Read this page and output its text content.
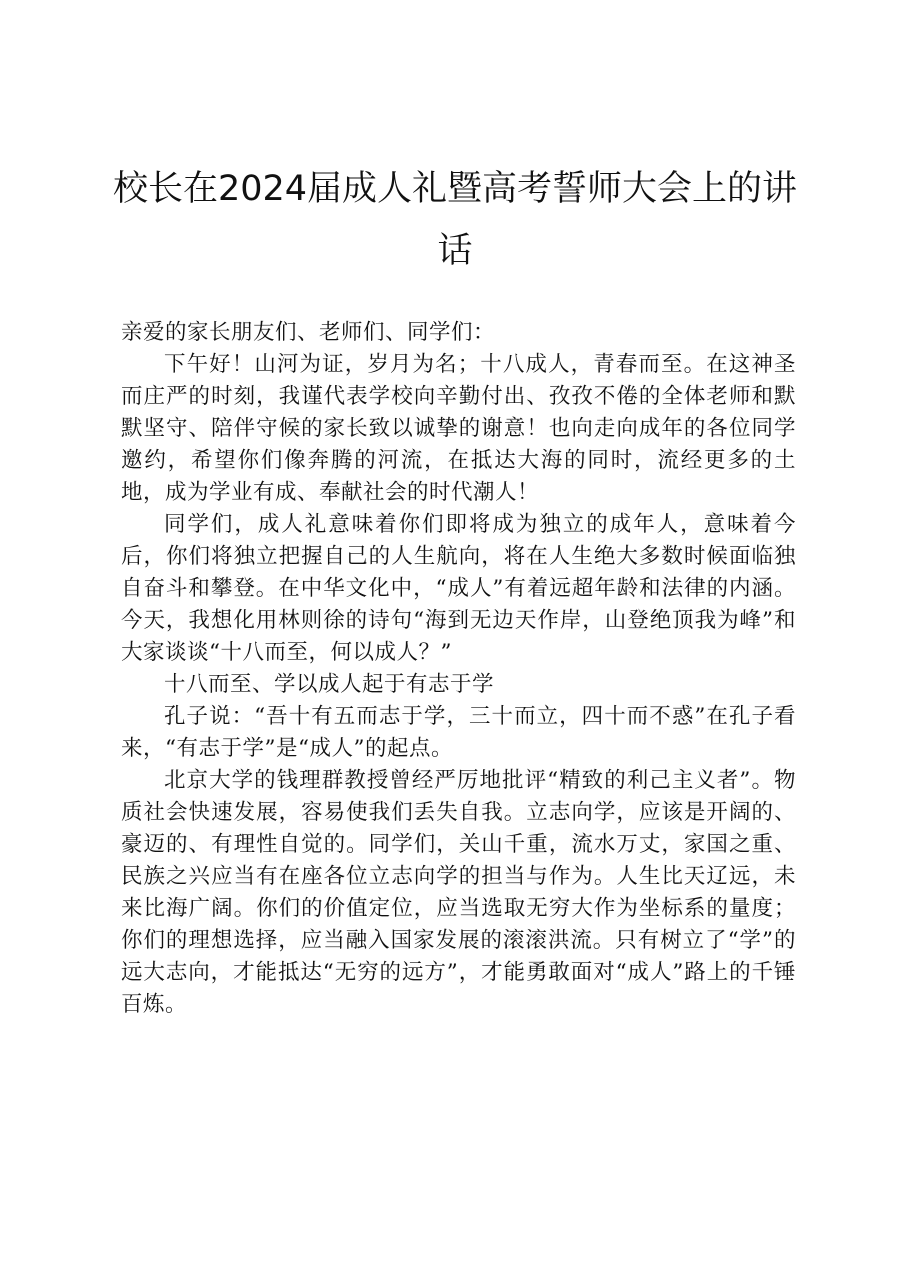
校长在2024届成人礼暨高考誓师大会上的讲话

亲爱的家长朋友们、老师们、同学们：

下午好！山河为证，岁月为名；十八成人，青春而至。在这神圣而庄严的时刻，我谨代表学校向辛勤付出、孜孜不倦的全体老师和默默坚守、陪伴守候的家长致以诚挚的谢意！也向走向成年的各位同学邀约，希望你们像奔腾的河流，在抵达大海的同时，流经更多的土地，成为学业有成、奉献社会的时代潮人！

同学们，成人礼意味着你们即将成为独立的成年人，意味着今后，你们将独立把握自己的人生航向，将在人生绝大多数时候面临独自奋斗和攀登。在中华文化中，“成人”有着远超年龄和法律的内涵。今天，我想化用林则徐的诗句“海到无边天作岸，山登绝顶我为峰”和大家谈谈“十八而至，何以成人？”

十八而至、学以成人起于有志于学

孔子说：“吾十有五而志于学，三十而立，四十而不惑”在孔子看来，“有志于学”是“成人”的起点。

北京大学的钱理群教授曾经严厉地批评“精致的利己主义者”。物质社会快速发展，容易使我们丢失自我。立志向学，应该是开阔的、豪迈的、有理性自觉的。同学们，关山千重，流水万丈，家国之重、民族之兴应当有在座各位立志向学的担当与作为。人生比天辽远，未来比海广阔。你们的价值定位，应当选取无穷大作为坐标系的量度；你们的理想选择，应当融入国家发展的滚滚洪流。只有树立了“学”的远大志向，才能抵达“无穷的远方”，才能勇敢面对“成人”路上的千锤百炼。
